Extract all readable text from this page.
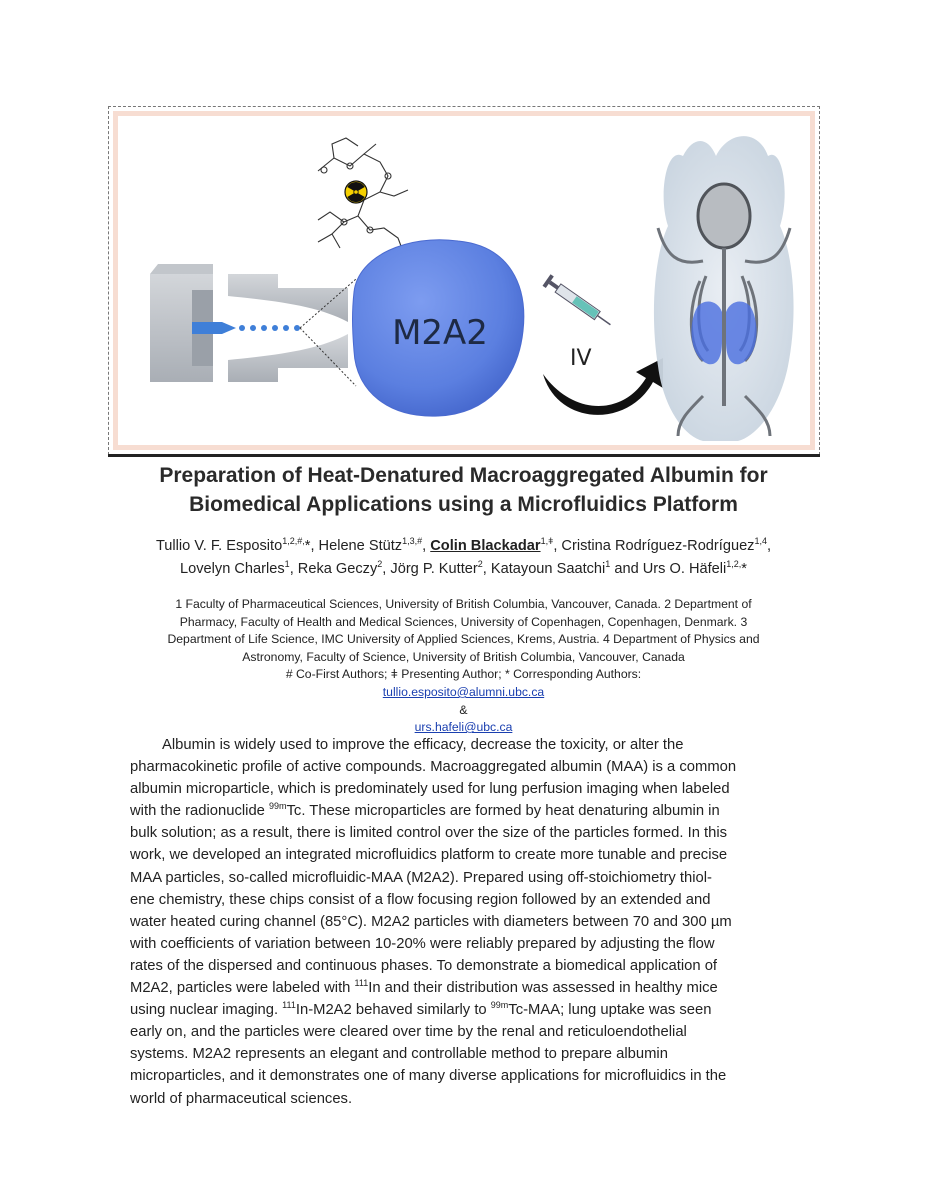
M2A2
IV
Preparation of Heat-Denatured Macroaggregated Albumin for
Biomedical Applications using a Microfluidics Platform

Tullio V. F. Esposito$^{1,2,\#,}$*, Helene Stütz$^{1,3,\#}$, Colin Blackadar$^{1,ǂ}$, Cristina Rodríguez-Rodríguez$^{1,4}$,
Lovelyn Charles$^1$, Reka Geczy$^2$, Jörg P. Kutter$^2$, Katayoun Saatchi$^1$ and Urs O. Häfeli$^{1,2,}$*

1 Faculty of Pharmaceutical Sciences, University of British Columbia, Vancouver, Canada. 2 Department of
Pharmacy, Faculty of Health and Medical Sciences, University of Copenhagen, Copenhagen, Denmark. 3
Department of Life Science, IMC University of Applied Sciences, Krems, Austria. 4 Department of Physics and
Astronomy, Faculty of Science, University of British Columbia, Vancouver, Canada
# Co-First Authors; ǂ Presenting Author; * Corresponding Authors:
tullio.esposito@alumni.ubc.ca
&
urs.hafeli@ubc.ca

Albumin is widely used to improve the efficacy, decrease the toxicity, or alter the
pharmacokinetic profile of active compounds. Macroaggregated albumin (MAA) is a common
albumin microparticle, which is predominately used for lung perfusion imaging when labeled
with the radionuclide $^{99m}$Tc. These microparticles are formed by heat denaturing albumin in
bulk solution; as a result, there is limited control over the size of the particles formed. In this
work, we developed an integrated microfluidics platform to create more tunable and precise
MAA particles, so-called microfluidic-MAA (M2A2). Prepared using off-stoichiometry thiol-
ene chemistry, these chips consist of a flow focusing region followed by an extended and
water heated curing channel (85°C). M2A2 particles with diameters between 70 and 300 µm
with coefficients of variation between 10-20% were reliably prepared by adjusting the flow
rates of the dispersed and continuous phases. To demonstrate a biomedical application of
M2A2, particles were labeled with $^{111}$In and their distribution was assessed in healthy mice
using nuclear imaging. $^{111}$In-M2A2 behaved similarly to $^{99m}$Tc-MAA; lung uptake was seen
early on, and the particles were cleared over time by the renal and reticuloendothelial
systems. M2A2 represents an elegant and controllable method to prepare albumin
microparticles, and it demonstrates one of many diverse applications for microfluidics in the
world of pharmaceutical sciences.
